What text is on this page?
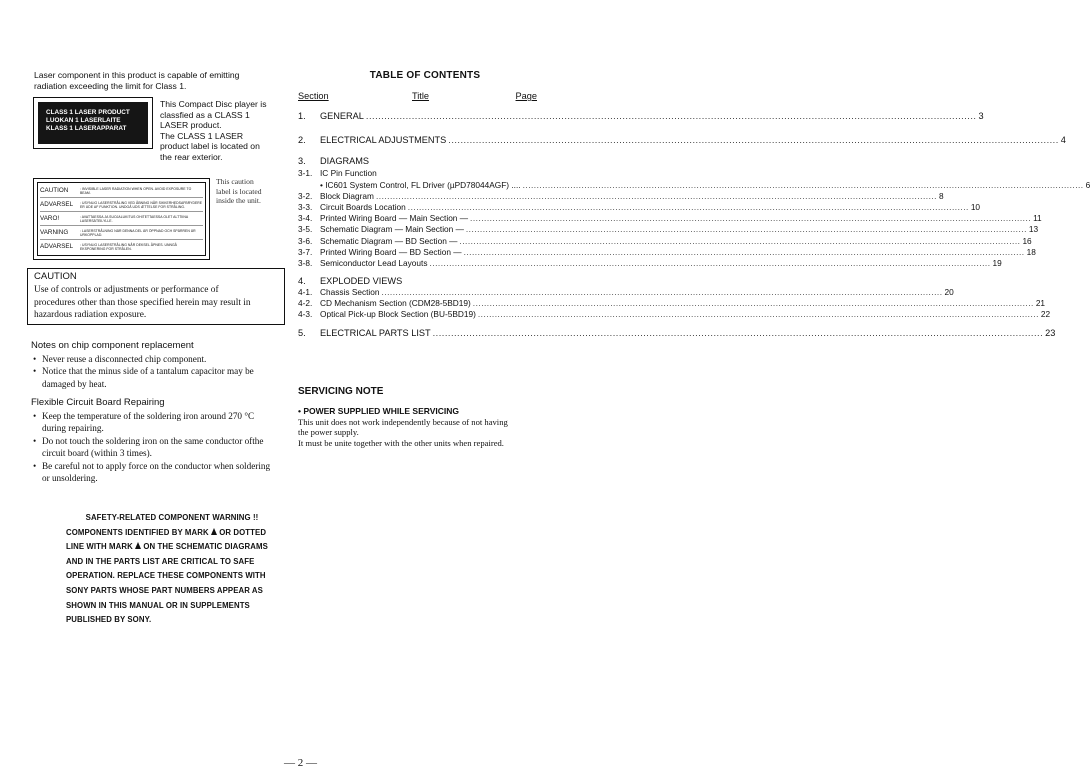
Laser component in this product is capable of emitting
radiation exceeding the limit for Class 1.
CLASS 1 LASER PRODUCT
LUOKAN 1 LASERLAITE
KLASS 1 LASERAPPARAT
This Compact Disc player is
classfied as a CLASS 1
LASER product.
The CLASS 1 LASER
product label is located on
the rear exterior.
CAUTION	: INVISIBLE LASER RADIATION WHEN OPEN. AVOID EXPOSURE TO BEAM.
ADVARSEL	: USYNLIG LASERSTRÅLING VED ÅBNING NÅR SIKKERHEDSAFBRYDERE ER UDE AF FUNKTION. UNDGÅ UDS ÆTTELSE FOR STRÅLING.
VARO!	: AVATTAESSA JA SUOJALUKITUS OHITETTAESSA OLET ALTTIINA LASERSÄTEILYLLE.
VARNING	: LASERSTRÅLNING NÄR DENNA DEL ÄR ÖPPNAD OCH SPÄRREN ÄR URKOPPLAD.
ADVARSEL	: USYNLIG LASERSTRÅLING NÅR DEKSEL ÅPNES. UNNGÅ EKSPONERING FOR STRÅLEN.
This caution
label is located
inside the unit.
CAUTION
Use of controls or adjustments or performance of
procedures other than those specified herein may result in
hazardous radiation exposure.
Notes on chip component replacement
• Never reuse a disconnected chip component.
• Notice that the minus side of a tantalum capacitor may be
damaged by heat.
Flexible Circuit Board Repairing
• Keep the temperature of the soldering iron around 270 °C
during repairing.
• Do not touch the soldering iron on the same conductor ofthe
circuit board (within 3 times).
• Be careful not to apply force on the conductor when soldering
or unsoldering.
SAFETY-RELATED COMPONENT WARNING !!
COMPONENTS IDENTIFIED BY MARK OR DOTTED
LINE WITH MARK ON THE SCHEMATIC DIAGRAMS
AND IN THE PARTS LIST ARE CRITICAL TO SAFE
OPERATION. REPLACE THESE COMPONENTS WITH
SONY PARTS WHOSE PART NUMBERS APPEAR AS
SHOWN IN THIS MANUAL OR IN SUPPLEMENTS
PUBLISHED BY SONY.
— 2 —
TABLE OF CONTENTS
Section	Title	Page
1.	GENERAL ........................................................................................................................................................................................................ 3
2.	ELECTRICAL ADJUSTMENTS ........................................................................................................................................................................................................ 4
3.	DIAGRAMS
3-1. IC Pin Function
• IC601 System Control, FL Driver (µPD78044AGF) .... ........................................................................................................................................................................................................ 6
3-2. Block Diagram ........................................................................................................................................................................................................ 8
3-3. Circuit Boards Location ........................................................................................................................................................................................................ 10
3-4. Printed Wiring Board — Main Section — ........................................................................................................................................................................................................ 11
3-5. Schematic Diagram — Main Section — ........................................................................................................................................................................................................ 13
3-6. Schematic Diagram — BD Section — ........................................................................................................................................................................................................ 16
3-7. Printed Wiring Board — BD Section — ........................................................................................................................................................................................................ 18
3-8. Semiconductor Lead Layouts ........................................................................................................................................................................................................ 19
4.	EXPLODED VIEWS
4-1. Chassis Section ........................................................................................................................................................................................................ 20
4-2. CD Mechanism Section (CDM28-5BD19) ........................................................................................................................................................................................................ 21
4-3. Optical Pick-up Block Section (BU-5BD19) ........................................................................................................................................................................................................ 22
5.	ELECTRICAL PARTS LIST ........................................................................................................................................................................................................ 23
SERVICING NOTE
• POWER SUPPLIED WHILE SERVICING
This unit does not work independently because of not having
the power supply.
It must be unite together with the other units when repaired.
